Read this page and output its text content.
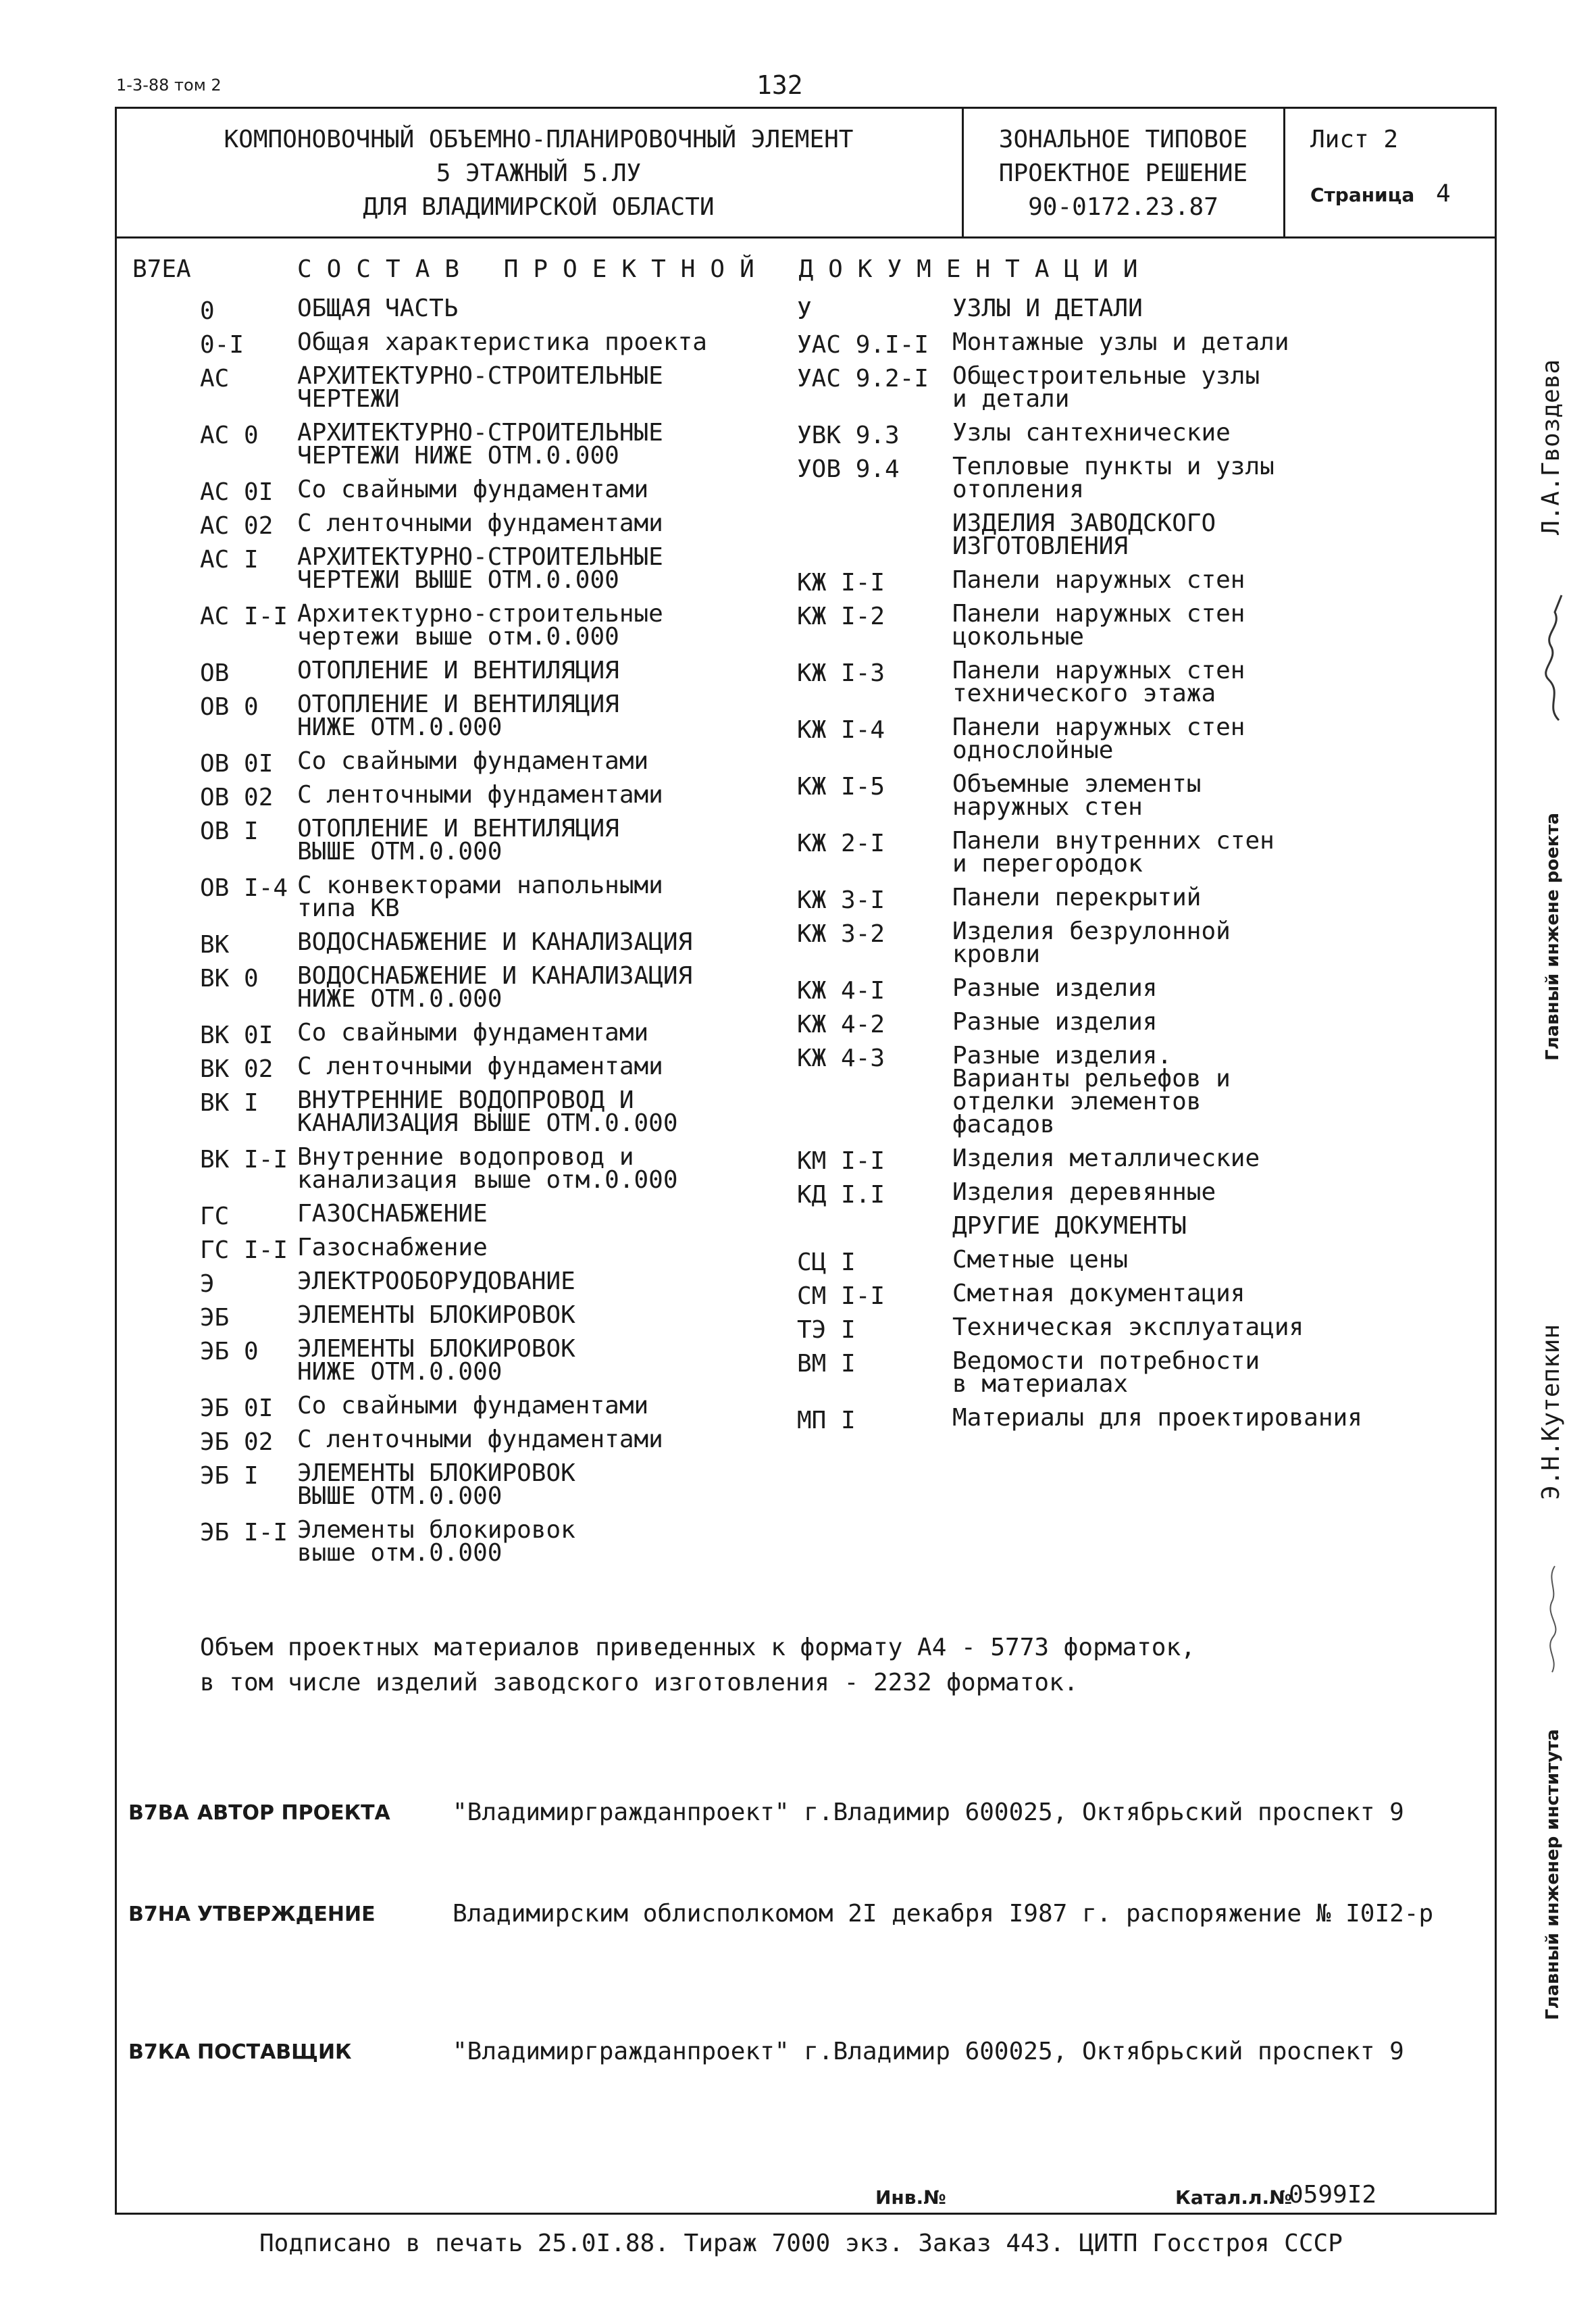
1-3-88 том 2	132
КОМПОНОВОЧНЫЙ ОБЪЕМНО-ПЛАНИРОВОЧНЫЙ ЭЛЕМЕНТ
5 ЭТАЖНЫЙ 5.ЛУ
ДЛЯ ВЛАДИМИРСКОЙ ОБЛАСТИ
ЗОНАЛЬНОЕ ТИПОВОЕ
ПРОЕКТНОЕ РЕШЕНИЕ
90-0172.23.87
Лист 2
Страница 4
В7ЕА	СОСТАВ ПРОЕКТНОЙ ДОКУМЕНТАЦИИ
0	ОБЩАЯ ЧАСТЬ
0-I Общая характеристика проекта
АС	АРХИТЕКТУРНО-СТРОИТЕЛЬНЫЕ
ЧЕРТЕЖИ
АС 0 АРХИТЕКТУРНО-СТРОИТЕЛЬНЫЕ
ЧЕРТЕЖИ НИЖЕ ОТМ.0.000
АС 0I Со свайными фундаментами
АС 02 С ленточными фундаментами
АС I АРХИТЕКТУРНО-СТРОИТЕЛЬНЫЕ
ЧЕРТЕЖИ ВЫШЕ ОТМ.0.000
АС I-I Архитектурно-строительные
чертежи выше отм.0.000
ОВ	ОТОПЛЕНИЕ И ВЕНТИЛЯЦИЯ
ОВ 0 ОТОПЛЕНИЕ И ВЕНТИЛЯЦИЯ
НИЖЕ ОТМ.0.000
ОВ 0I Со свайными фундаментами
ОВ 02 С ленточными фундаментами
ОВ I ОТОПЛЕНИЕ И ВЕНТИЛЯЦИЯ
ВЫШЕ ОТМ.0.000
ОВ I-4 С конвекторами напольными
типа КВ
ВК	ВОДОСНАБЖЕНИЕ И КАНАЛИЗАЦИЯ
ВК 0 ВОДОСНАБЖЕНИЕ И КАНАЛИЗАЦИЯ
НИЖЕ ОТМ.0.000
ВК 0I Со свайными фундаментами
ВК 02 С ленточными фундаментами
ВК I ВНУТРЕННИЕ ВОДОПРОВОД И
КАНАЛИЗАЦИЯ ВЫШЕ ОТМ.0.000
ВК I-I Внутренние водопровод и
канализация выше отм.0.000
ГС	ГАЗОСНАБЖЕНИЕ
ГС I-I Газоснабжение
Э	ЭЛЕКТРООБОРУДОВАНИЕ
ЭБ	ЭЛЕМЕНТЫ БЛОКИРОВОК
ЭБ 0 ЭЛЕМЕНТЫ БЛОКИРОВОК
НИЖЕ ОТМ.0.000
ЭБ 0I Со свайными фундаментами
ЭБ 02 С ленточными фундаментами
ЭБ I ЭЛЕМЕНТЫ БЛОКИРОВОК
ВЫШЕ ОТМ.0.000
ЭБ I-I Элементы блокировок
выше отм.0.000
У	УЗЛЫ И ДЕТАЛИ
УАС 9.I-I Монтажные узлы и детали
УАС 9.2-I Общестроительные узлы
и детали
УВК 9.3 Узлы сантехнические
УОВ 9.4 Тепловые пункты и узлы
отопления
ИЗДЕЛИЯ ЗАВОДСКОГО
ИЗГОТОВЛЕНИЯ
КЖ I-I	Панели наружных стен
КЖ I-2	Панели наружных стен
цокольные
КЖ I-3	Панели наружных стен
технического этажа
КЖ I-4	Панели наружных стен
однослойные
КЖ I-5	Объемные элементы
наружных стен
КЖ 2-I	Панели внутренних стен
и перегородок
КЖ 3-I	Панели перекрытий
КЖ 3-2	Изделия безрулонной
кровли
КЖ 4-I	Разные изделия
КЖ 4-2	Разные изделия
КЖ 4-3	Разные изделия.
Варианты рельефов и
отделки элементов
фасадов
КМ I-I	Изделия металлические
КД I.I	Изделия деревянные
ДРУГИЕ ДОКУМЕНТЫ
СЦ I	Сметные цены
СМ I-I	Сметная документация
ТЭ I	Техническая эксплуатация
ВМ I	Ведомости потребности
в материалах
МП I	Материалы для проектирования
Объем проектных материалов приведенных к формату А4 - 5773 форматок,
в том числе изделий заводского изготовления - 2232 форматок.
В7ВА АВТОР ПРОЕКТА	"Владимиргражданпроект" г.Владимир 600025, Октябрьский проспект 9
В7НА УТВЕРЖДЕНИЕ	Владимирским облисполкомом 2I декабря I987 г. распоряжение № I0I2-р
В7КА ПОСТАВЩИК	"Владимиргражданпроект" г.Владимир 600025, Октябрьский проспект 9
Инв.№	Катал.л.№
0599I2
Подписано в печать 25.0I.88. Тираж 7000 экз. Заказ 443. ЦИТП Госстроя СССР
Главный инжене роекта
Л.А.Гвоздева
Главный инженер института
Э.Н.Кутепкин
